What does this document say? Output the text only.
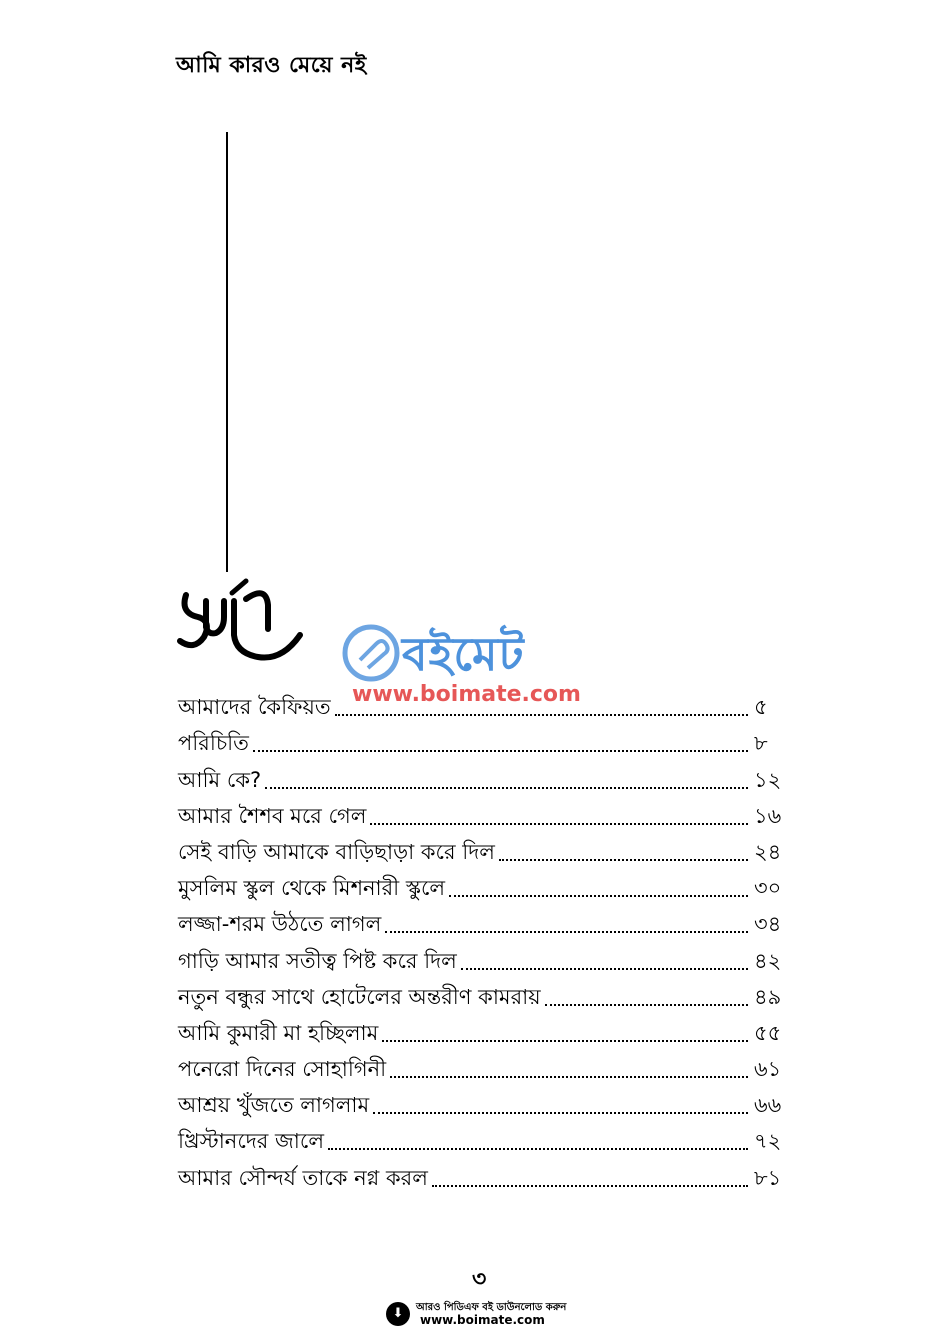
আমি কারও মেয়ে নই
সূচি	বইমেট
www.boimate.com
আমাদের কৈফিয়ত	৫
পরিচিতি	৮
আমি কে?	১২
আমার শৈশব মরে গেল	১৬
সেই বাড়ি আমাকে বাড়িছাড়া করে দিল	২৪
মুসলিম স্কুল থেকে মিশনারী স্কুলে	৩০
লজ্জা-শরম উঠতে লাগল	৩৪
গাড়ি আমার সতীত্ব পিষ্ট করে দিল	৪২
নতুন বন্ধুর সাথে হোটেলের অন্তরীণ কামরায়	৪৯
আমি কুমারী মা হচ্ছিলাম	৫৫
পনেরো দিনের সোহাগিনী	৬১
আশ্রয় খুঁজতে লাগলাম	৬৬
খ্রিস্টানদের জালে	৭২
আমার সৌন্দর্য তাকে নগ্ন করল	৮১
৩
⬇	আরও পিডিএফ বই ডাউনলোড করুন
www.boimate.com
